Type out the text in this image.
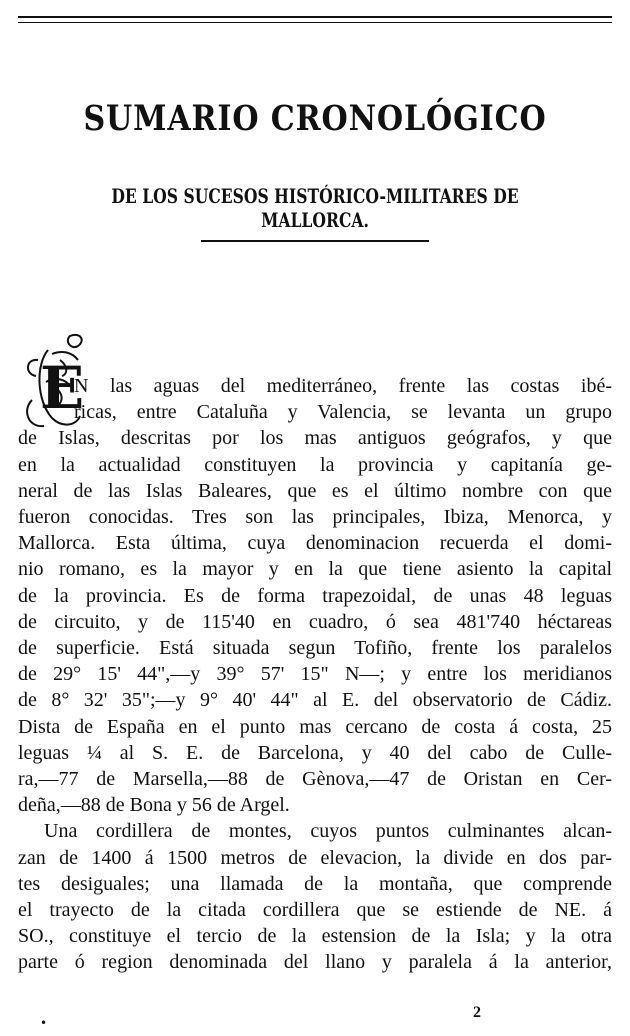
SUMARIO CRONOLÓGICO
DE LOS SUCESOS HISTÓRICO-MILITARES DE MALLORCA.
E

N las aguas del mediterráneo, frente las costas ibé-

ricas, entre Cataluña y Valencia, se levanta un grupo

de Islas, descritas por los mas antiguos geógrafos, y que

en la actualidad constituyen la provincia y capitanía ge-

neral de las Islas Baleares, que es el último nombre con que

fueron conocidas. Tres son las principales, Ibiza, Menorca, y

Mallorca. Esta última, cuya denominacion recuerda el domi-

nio romano, es la mayor y en la que tiene asiento la capital

de la provincia. Es de forma trapezoidal, de unas 48 leguas

de circuito, y de 115'40 en cuadro, ó sea 481'740 héctareas

de superficie. Está situada segun Tofiño, frente los paralelos

de 29° 15' 44",—y 39° 57' 15" N—; y entre los meridianos

de 8° 32' 35";—y 9° 40' 44" al E. del observatorio de Cádiz.

Dista de España en el punto mas cercano de costa á costa, 25

leguas ¼ al S. E. de Barcelona, y 40 del cabo de Culle-

ra,—77 de Marsella,—88 de Gènova,—47 de Oristan en Cer-

deña,—88 de Bona y 56 de Argel.

Una cordillera de montes, cuyos puntos culminantes alcan-

zan de 1400 á 1500 metros de elevacion, la divide en dos par-

tes desiguales; una llamada de la montaña, que comprende

el trayecto de la citada cordillera que se estiende de NE. á

SO., constituye el tercio de la estension de la Isla; y la otra

parte ó region denominada del llano y paralela á la anterior,

2

•
